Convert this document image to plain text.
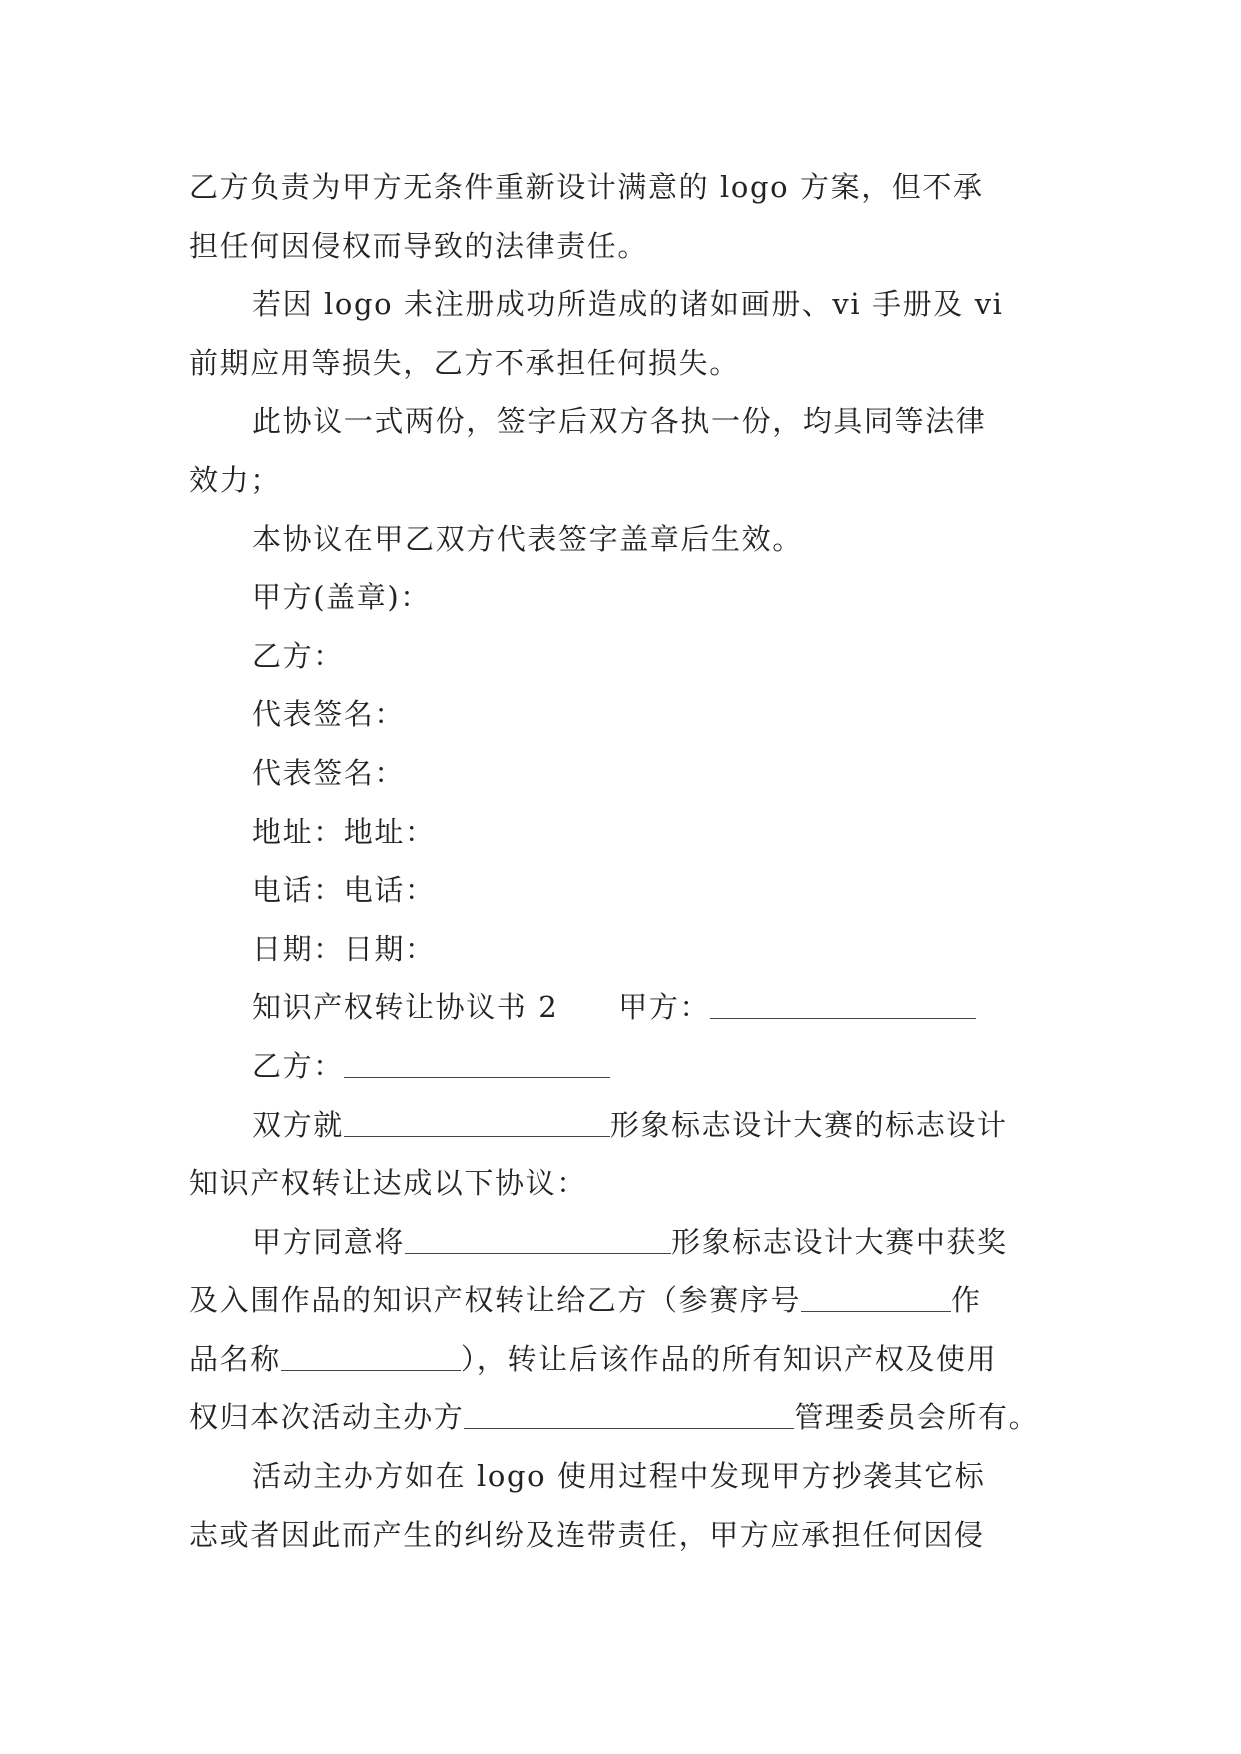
乙方负责为甲方无条件重新设计满意的 logo 方案，但不承
担任何因侵权而导致的法律责任。
若因 logo 未注册成功所造成的诸如画册、vi 手册及 vi
前期应用等损失，乙方不承担任何损失。
此协议一式两份，签字后双方各执一份，均具同等法律
效力；
本协议在甲乙双方代表签字盖章后生效。
甲方(盖章)：
乙方：
代表签名：
代表签名：
地址：地址：
电话：电话：
日期：日期：
知识产权转让协议书 2 甲方：
乙方：
双方就	形象标志设计大赛的标志设计
知识产权转让达成以下协议：
甲方同意将	形象标志设计大赛中获奖
及入围作品的知识产权转让给乙方（参赛序号	作
品名称	），转让后该作品的所有知识产权及使用
权归本次活动主办方	管理委员会所有。
活动主办方如在 logo 使用过程中发现甲方抄袭其它标
志或者因此而产生的纠纷及连带责任，甲方应承担任何因侵
